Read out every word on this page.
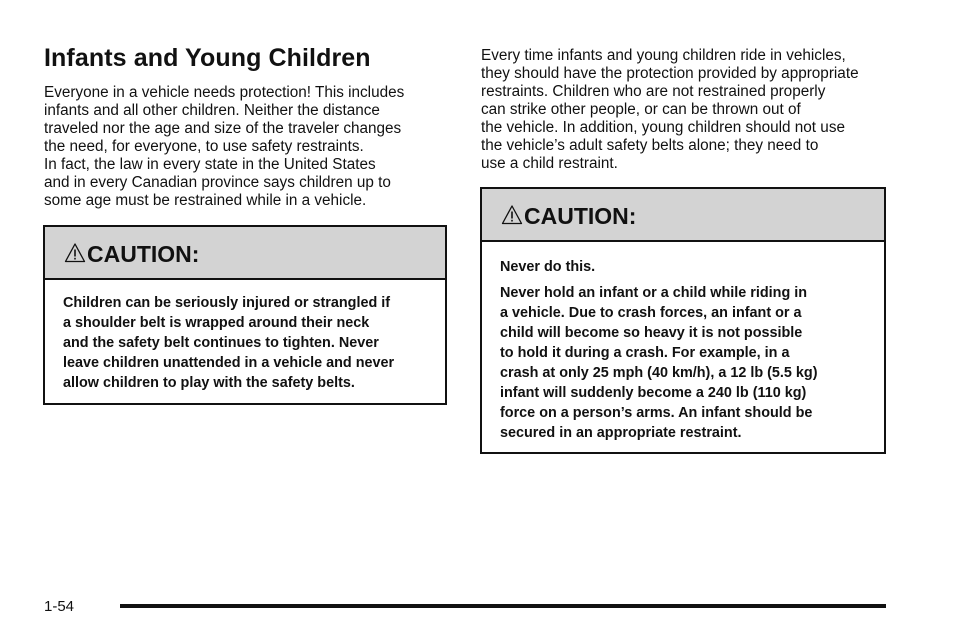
Infants and Young Children

Everyone in a vehicle needs protection! This includes
infants and all other children. Neither the distance
traveled nor the age and size of the traveler changes
the need, for everyone, to use safety restraints.
In fact, the law in every state in the United States
and in every Canadian province says children up to
some age must be restrained while in a vehicle.

CAUTION:
Children can be seriously injured or strangled if
a shoulder belt is wrapped around their neck
and the safety belt continues to tighten. Never
leave children unattended in a vehicle and never
allow children to play with the safety belts.

Every time infants and young children ride in vehicles,
they should have the protection provided by appropriate
restraints. Children who are not restrained properly
can strike other people, or can be thrown out of
the vehicle. In addition, young children should not use
the vehicle’s adult safety belts alone; they need to
use a child restraint.

CAUTION:
Never do this.
Never hold an infant or a child while riding in
a vehicle. Due to crash forces, an infant or a
child will become so heavy it is not possible
to hold it during a crash. For example, in a
crash at only 25 mph (40 km/h), a 12 lb (5.5 kg)
infant will suddenly become a 240 lb (110 kg)
force on a person’s arms. An infant should be
secured in an appropriate restraint.
1-54
